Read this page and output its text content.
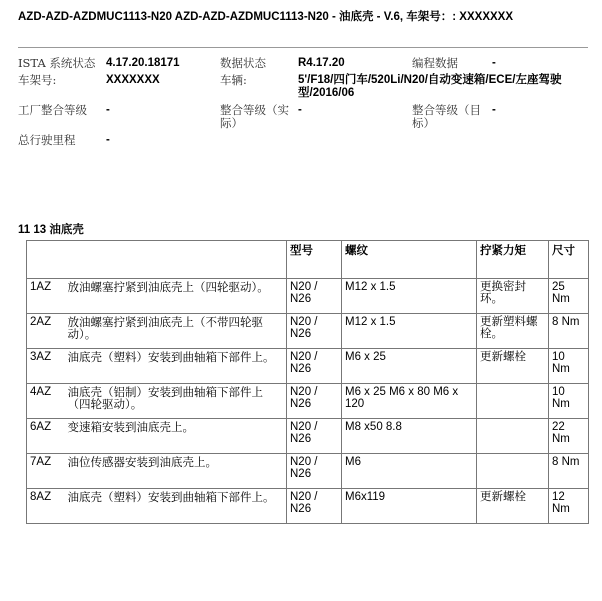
AZD-AZD-AZDMUC1113-N20 AZD-AZD-AZDMUC1113-N20 - 油底壳 - V.6, 车架号：: XXXXXXX
ISTA 系统状态	4.17.20.18171	数据状态	R4.17.20	编程数据	-
车架号:	XXXXXXX	车辆:	5'/F18/四门车/520Li/N20/自动变速箱/ECE/左座驾驶型/2016/06		
工厂整合等级	-	整合等级（实际）	-	整合等级（目标）	-
总行驶里程	-				
11 13 油底壳
		型号	螺纹	拧紧力矩	尺寸
1AZ	放油螺塞拧紧到油底壳上（四轮驱动）。	N20 / N26	M12 x 1.5	更换密封环。	25 Nm
2AZ	放油螺塞拧紧到油底壳上（不带四轮驱动）。	N20 / N26	M12 x 1.5	更新塑料螺栓。	8 Nm
3AZ	油底壳（塑料）安装到曲轴箱下部件上。	N20 / N26	M6 x 25	更新螺栓	10 Nm
4AZ	油底壳（铝制）安装到曲轴箱下部件上（四轮驱动）。	N20 / N26	M6 x 25 M6 x 80 M6 x 120		10 Nm
6AZ	变速箱安装到油底壳上。	N20 / N26	M8 x50 8.8		22 Nm
7AZ	油位传感器安装到油底壳上。	N20 / N26	M6		8 Nm
8AZ	油底壳（塑料）安装到曲轴箱下部件上。	N20 / N26	M6x119	更新螺栓	12 Nm
